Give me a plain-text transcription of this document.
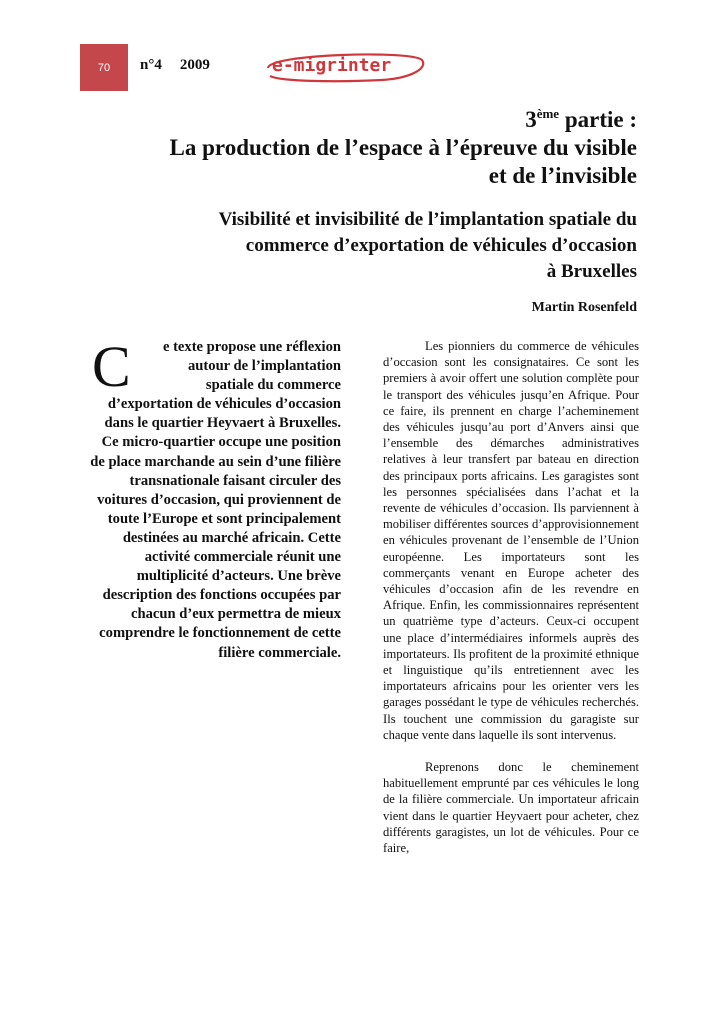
70 n°4 2009	e-migrinter
3ème partie :
La production de l’espace à l’épreuve du visible
et de l’invisible
Visibilité et invisibilité de l’implantation spatiale du
commerce d’exportation de véhicules d’occasion
à Bruxelles
Martin Rosenfeld
C e texte propose une réflexion autour de l’implantation spatiale du commerce d’exportation de véhicules d’occasion dans le quartier Heyvaert à Bruxelles. Ce micro-quartier occupe une position de place marchande au sein d’une filière transnationale faisant circuler des voitures d’occasion, qui proviennent de toute l’Europe et sont principalement destinées au marché africain. Cette activité commerciale réunit une multiplicité d’acteurs. Une brève description des fonctions occupées par chacun d’eux permettra de mieux comprendre le fonctionnement de cette filière commerciale.

Les pionniers du commerce de véhicules d’occasion sont les consignataires. Ce sont les premiers à avoir offert une solution complète pour le transport des véhicules jusqu’en Afrique. Pour ce faire, ils prennent en charge l’acheminement des véhicules jusqu’au port d’Anvers ainsi que l’ensemble des démarches administratives relatives à leur transfert par bateau en direction des principaux ports africains. Les garagistes sont les personnes spécialisées dans l’achat et la revente de véhicules d’occasion. Ils parviennent à mobiliser différentes sources d’approvisionnement en véhicules provenant de l’ensemble de l’Union européenne. Les importateurs sont les commerçants venant en Europe acheter des véhicules d’occasion afin de les revendre en Afrique. Enfin, les commissionnaires représentent un quatrième type d’acteurs. Ceux-ci occupent une place d’intermédiaires informels auprès des importateurs. Ils profitent de la proximité ethnique et linguistique qu’ils entretiennent avec les importateurs africains pour les orienter vers les garages possédant le type de véhicules recherchés. Ils touchent une commission du garagiste sur chaque vente dans laquelle ils sont intervenus.

Reprenons donc le cheminement habituellement emprunté par ces véhicules le long de la filière commerciale. Un importateur africain vient dans le quartier Heyvaert pour acheter, chez différents garagistes, un lot de véhicules. Pour ce faire,
